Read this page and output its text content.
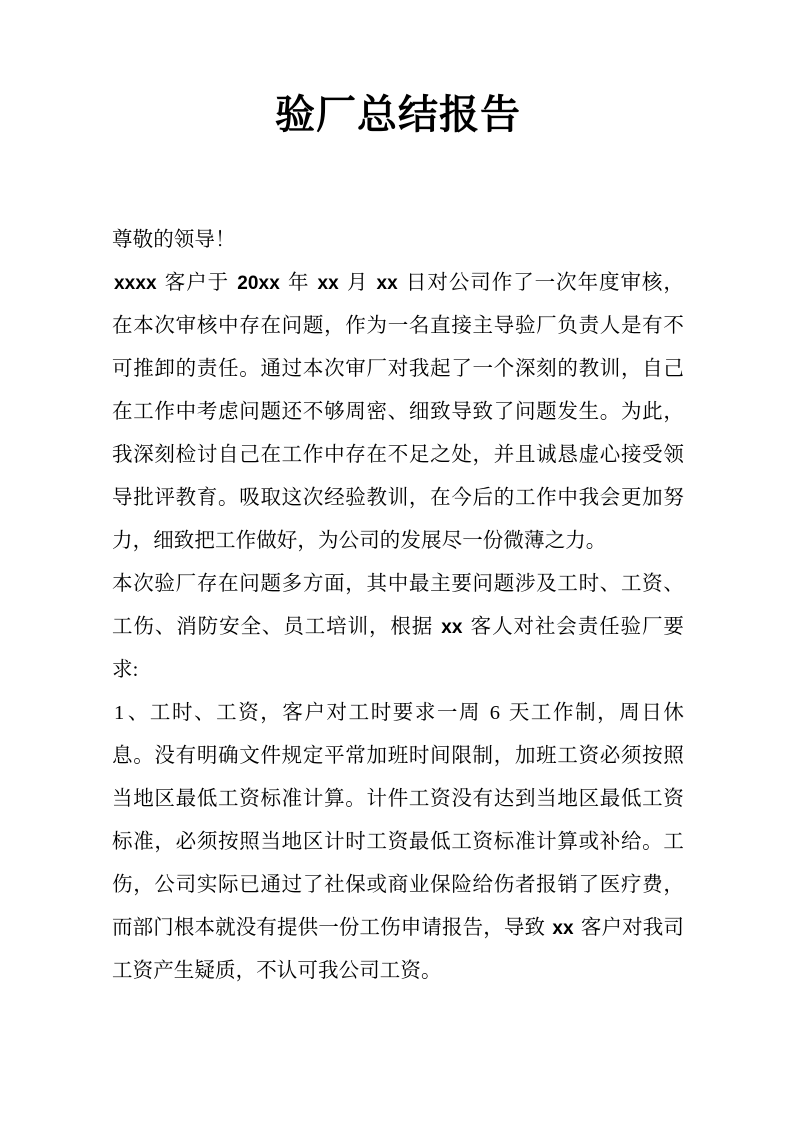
验厂总结报告

尊敬的领导！

xxxx 客户于 20xx 年 xx 月 xx 日对公司作了一次年度审核，在本次审核中存在问题，作为一名直接主导验厂负责人是有不可推卸的责任。通过本次审厂对我起了一个深刻的教训，自己在工作中考虑问题还不够周密、细致导致了问题发生。为此，我深刻检讨自己在工作中存在不足之处，并且诚恳虚心接受领导批评教育。吸取这次经验教训，在今后的工作中我会更加努力，细致把工作做好，为公司的发展尽一份微薄之力。

本次验厂存在问题多方面，其中最主要问题涉及工时、工资、工伤、消防安全、员工培训，根据 xx 客人对社会责任验厂要求:

1、工时、工资，客户对工时要求一周 6 天工作制，周日休息。没有明确文件规定平常加班时间限制，加班工资必须按照当地区最低工资标准计算。计件工资没有达到当地区最低工资标准，必须按照当地区计时工资最低工资标准计算或补给。工伤，公司实际已通过了社保或商业保险给伤者报销了医疗费，而部门根本就没有提供一份工伤申请报告，导致 xx 客户对我司工资产生疑质，不认可我公司工资。
